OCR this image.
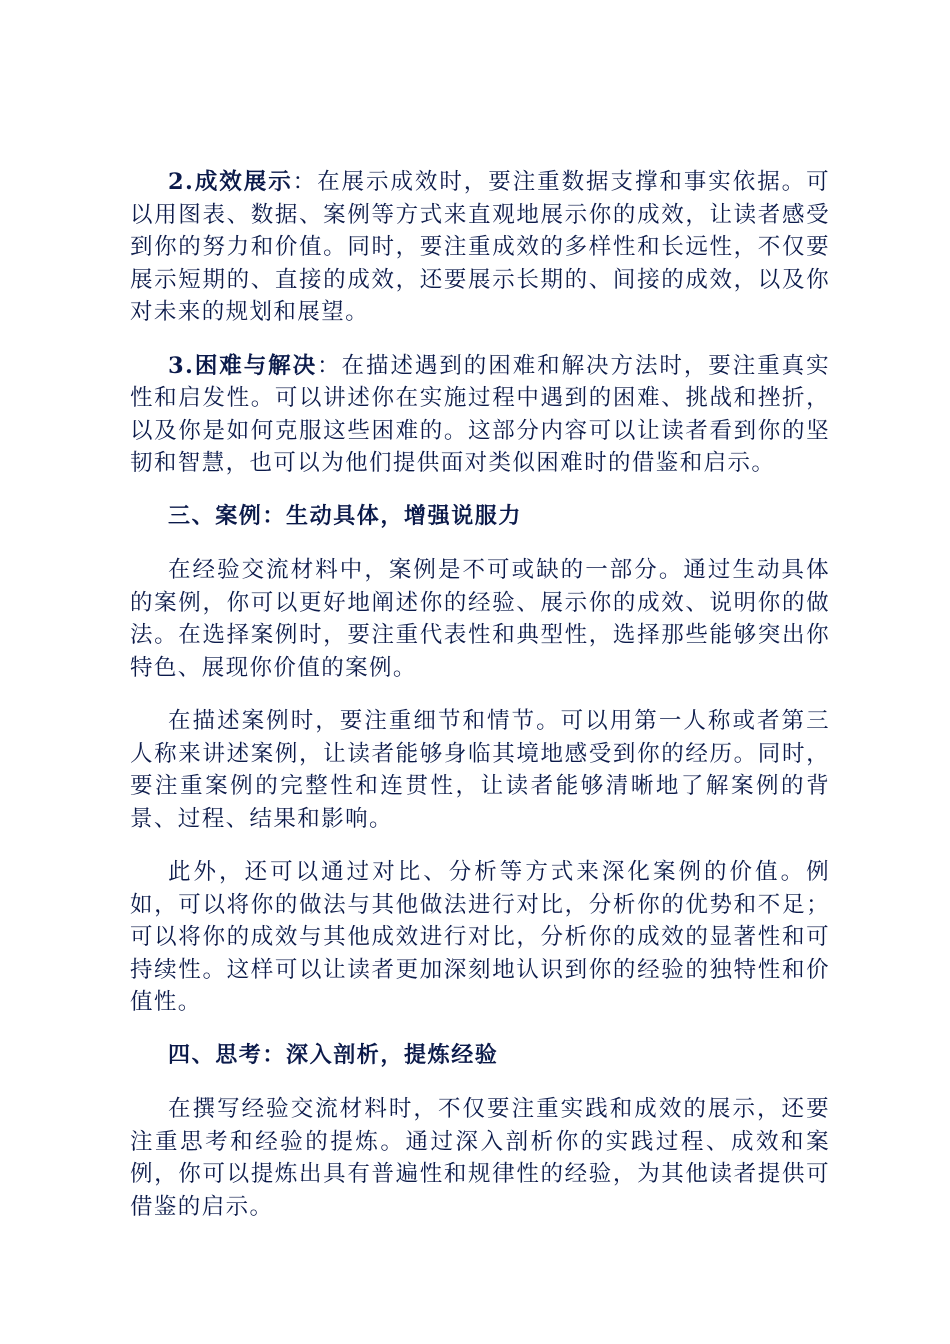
2.成效展示：在展示成效时，要注重数据支撑和事实依据。可以用图表、数据、案例等方式来直观地展示你的成效，让读者感受到你的努力和价值。同时，要注重成效的多样性和长远性，不仅要展示短期的、直接的成效，还要展示长期的、间接的成效，以及你对未来的规划和展望。

3.困难与解决：在描述遇到的困难和解决方法时，要注重真实性和启发性。可以讲述你在实施过程中遇到的困难、挑战和挫折，以及你是如何克服这些困难的。这部分内容可以让读者看到你的坚韧和智慧，也可以为他们提供面对类似困难时的借鉴和启示。

三、案例：生动具体，增强说服力

在经验交流材料中，案例是不可或缺的一部分。通过生动具体的案例，你可以更好地阐述你的经验、展示你的成效、说明你的做法。在选择案例时，要注重代表性和典型性，选择那些能够突出你特色、展现你价值的案例。

在描述案例时，要注重细节和情节。可以用第一人称或者第三人称来讲述案例，让读者能够身临其境地感受到你的经历。同时，要注重案例的完整性和连贯性，让读者能够清晰地了解案例的背景、过程、结果和影响。

此外，还可以通过对比、分析等方式来深化案例的价值。例如，可以将你的做法与其他做法进行对比，分析你的优势和不足；可以将你的成效与其他成效进行对比，分析你的成效的显著性和可持续性。这样可以让读者更加深刻地认识到你的经验的独特性和价值性。

四、思考：深入剖析，提炼经验

在撰写经验交流材料时，不仅要注重实践和成效的展示，还要注重思考和经验的提炼。通过深入剖析你的实践过程、成效和案例，你可以提炼出具有普遍性和规律性的经验，为其他读者提供可借鉴的启示。
